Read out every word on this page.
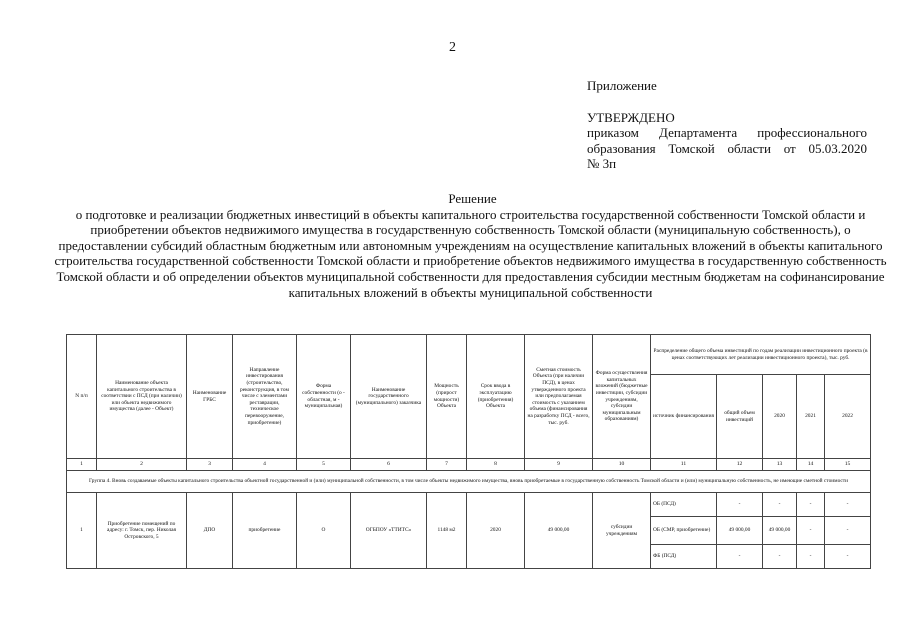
2
Приложение
УТВЕРЖДЕНО
приказом Департамента профессионального
образования Томской области от 05.03.2020
№ 3п
Решение
о подготовке и реализации бюджетных инвестиций в объекты капитального строительства государственной собственности Томской области и приобретении объектов недвижимого имущества в государственную собственность Томской области (муниципальную собственность), о предоставлении субсидий областным бюджетным или автономным учреждениям на осуществление капитальных вложений в объекты капитального строительства государственной собственности Томской области и приобретение объектов недвижимого имущества в государственную собственность Томской области и об определении объектов муниципальной собственности для предоставления субсидии местным бюджетам на софинансирование капитальных вложений в объекты муниципальной собственности
N п/п	Наименование объекта капитального строительства в соответствии с ПСД (при наличии) или объекта недвижимого имущества (далее - Объект)	Наименование ГРБС	Направление инвестирования (строительство, реконструкция, в том числе с элементами реставрации, техническое перевооружение, приобретение)	Форма собственности (о - областная, м - муниципальная)	Наименование государственного (муниципального) заказчика	Мощность (прирост мощности) Объекта	Срок ввода в эксплуатацию (приобретения) Объекта	Сметная стоимость Объекта (при наличии ПСД), в ценах утвержденного проекта или предполагаемая стоимость с указанием объема (финансирования на разработку ПСД - всего, тыс. руб.	Форма осуществления капитальных вложений (бюджетные инвестиции, субсидии учреждениям, субсидии муниципальным образованиям)	Распределение общего объема инвестиций по годам реализации инвестиционного проекта (в ценах соответствующих лет реализации инвестиционного проекта), тыс. руб.				
										источник финансирования	общий объем инвестиций	2020	2021	2022
1	2	3	4	5	6	7	8	9	10	11	12	13	14	15
Группа 4. Вновь создаваемые объекты капитального строительства объектной государственной и (или) муниципальной собственности, в том числе объекты недвижимого имущества, вновь приобретаемые в государственную собственность Томской области и (или) муниципальную собственность, не имеющие сметной стоимости														
1	Приобретение помещений по адресу: г. Томск, пер. Николая Островского, 5	ДПО	приобретение	О	ОГБПОУ «ТТИТС»	1148 м2	2020	49 000,00	субсидии учреждениям	ОБ (ПСД)	-	-	-	-
										ОБ (СМР, приобретение)	49 000,00	49 000,00	-	-
										ФБ (ПСД)	-	-	-	-
